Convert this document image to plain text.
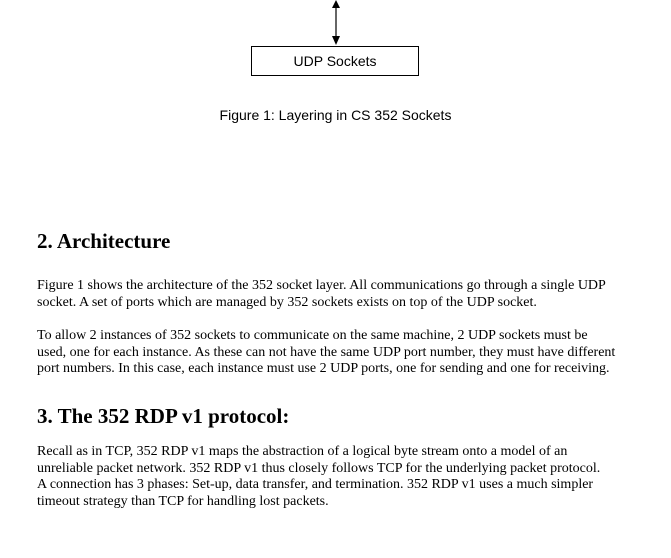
UDP Sockets
Figure 1: Layering in CS 352 Sockets
2. Architecture

Figure 1 shows the architecture of the 352 socket layer. All communications go through a single UDP
socket. A set of ports which are managed by 352 sockets exists on top of the UDP socket.

To allow 2 instances of 352 sockets to communicate on the same machine, 2 UDP sockets must be
used, one for each instance. As these can not have the same UDP port number, they must have different
port numbers. In this case, each instance must use 2 UDP ports, one for sending and one for receiving.

3. The 352 RDP v1 protocol:

Recall as in TCP, 352 RDP v1 maps the abstraction of a logical byte stream onto a model of an
unreliable packet network. 352 RDP v1 thus closely follows TCP for the underlying packet protocol.
A connection has 3 phases: Set-up, data transfer, and termination. 352 RDP v1 uses a much simpler
timeout strategy than TCP for handling lost packets.
